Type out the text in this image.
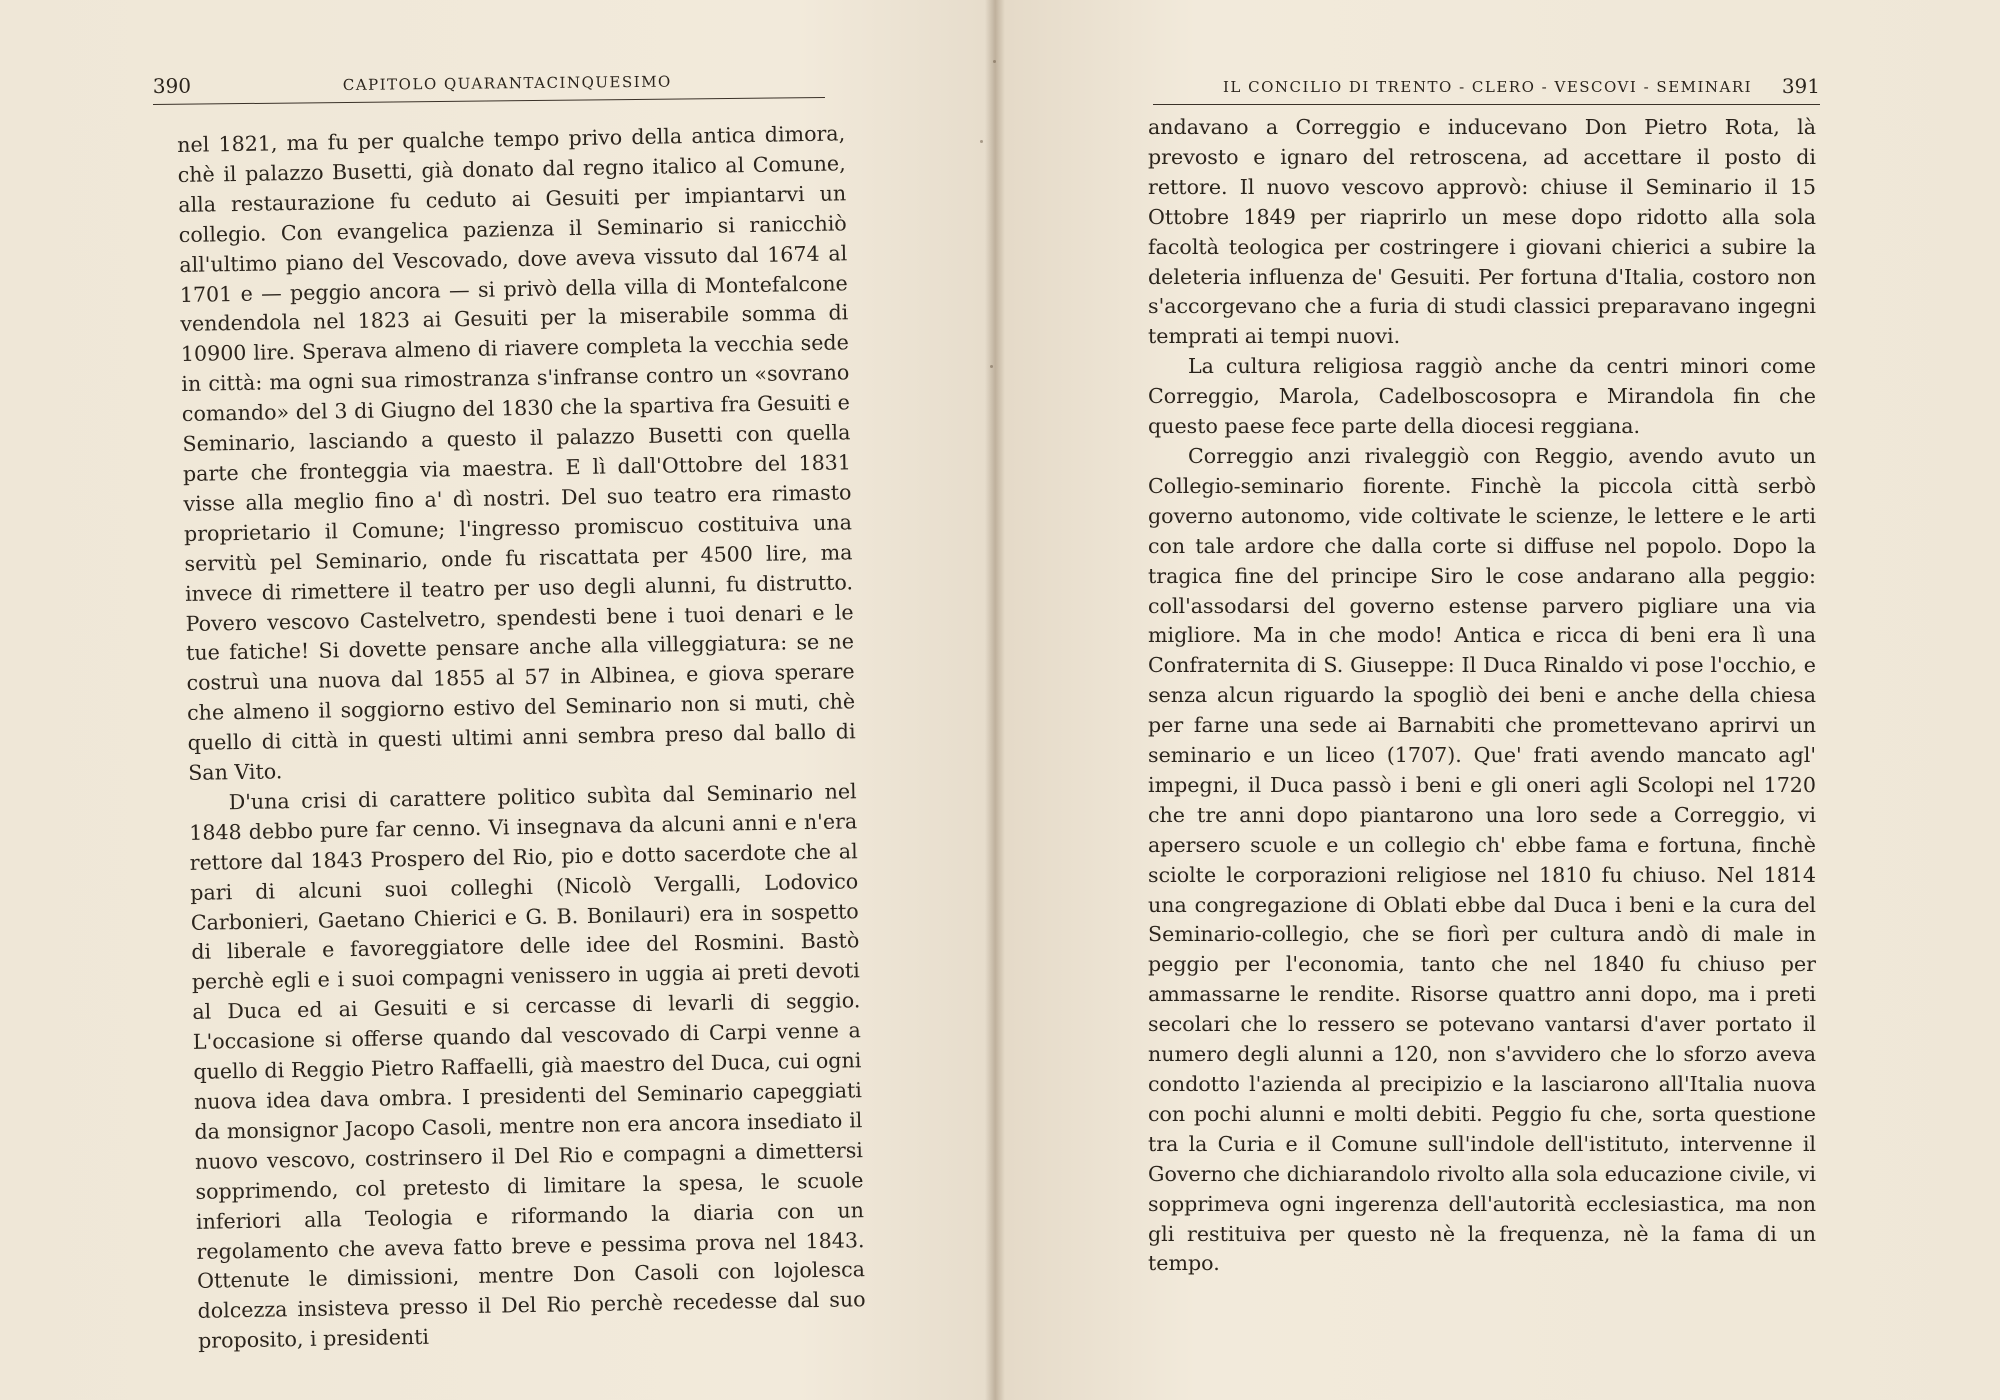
390	CAPITOLO QUARANTACINQUESIMO

nel 1821, ma fu per qualche tempo privo della antica dimora, chè il palazzo Busetti, già donato dal regno italico al Comune, alla restaurazione fu ceduto ai Gesuiti per impiantarvi un collegio. Con evangelica pazienza il Seminario si ranicchiò all'ultimo piano del Vescovado, dove aveva vissuto dal 1674 al 1701 e — peggio ancora — si privò della villa di Montefalcone vendendola nel 1823 ai Gesuiti per la miserabile somma di 10900 lire. Sperava almeno di riavere completa la vecchia sede in città: ma ogni sua rimostranza s'infranse contro un «sovrano comando» del 3 di Giugno del 1830 che la spartiva fra Gesuiti e Seminario, lasciando a questo il palazzo Busetti con quella parte che fronteggia via maestra. E lì dall'Ottobre del 1831 visse alla meglio fino a' dì nostri. Del suo teatro era rimasto proprietario il Comune; l'ingresso promiscuo costituiva una servitù pel Seminario, onde fu riscattata per 4500 lire, ma invece di rimettere il teatro per uso degli alunni, fu distrutto. Povero vescovo Castelvetro, spendesti bene i tuoi denari e le tue fatiche! Si dovette pensare anche alla villeggiatura: se ne costruì una nuova dal 1855 al 57 in Albinea, e giova sperare che almeno il soggiorno estivo del Seminario non si muti, chè quello di città in questi ultimi anni sembra preso dal ballo di San Vito.

D'una crisi di carattere politico subìta dal Seminario nel 1848 debbo pure far cenno. Vi insegnava da alcuni anni e n'era rettore dal 1843 Prospero del Rio, pio e dotto sacerdote che al pari di alcuni suoi colleghi (Nicolò Vergalli, Lodovico Carbonieri, Gaetano Chierici e G. B. Bonilauri) era in sospetto di liberale e favoreggiatore delle idee del Rosmini. Bastò perchè egli e i suoi compagni venissero in uggia ai preti devoti al Duca ed ai Gesuiti e si cercasse di levarli di seggio. L'occasione si offerse quando dal vescovado di Carpi venne a quello di Reggio Pietro Raffaelli, già maestro del Duca, cui ogni nuova idea dava ombra. I presidenti del Seminario capeggiati da monsignor Jacopo Casoli, mentre non era ancora insediato il nuovo vescovo, costrinsero il Del Rio e compagni a dimettersi sopprimendo, col pretesto di limitare la spesa, le scuole inferiori alla Teologia e riformando la diaria con un regolamento che aveva fatto breve e pessima prova nel 1843. Ottenute le dimissioni, mentre Don Casoli con lojolesca dolcezza insisteva presso il Del Rio perchè recedesse dal suo proposito, i presidenti

IL CONCILIO DI TRENTO - CLERO - VESCOVI - SEMINARI 391

andavano a Correggio e inducevano Don Pietro Rota, là prevosto e ignaro del retroscena, ad accettare il posto di rettore. Il nuovo vescovo approvò: chiuse il Seminario il 15 Ottobre 1849 per riaprirlo un mese dopo ridotto alla sola facoltà teologica per costringere i giovani chierici a subire la deleteria influenza de' Gesuiti. Per fortuna d'Italia, costoro non s'accorgevano che a furia di studi classici preparavano ingegni temprati ai tempi nuovi.

La cultura religiosa raggiò anche da centri minori come Correggio, Marola, Cadelboscosopra e Mirandola fin che questo paese fece parte della diocesi reggiana.

Correggio anzi rivaleggiò con Reggio, avendo avuto un Collegio-seminario fiorente. Finchè la piccola città serbò governo autonomo, vide coltivate le scienze, le lettere e le arti con tale ardore che dalla corte si diffuse nel popolo. Dopo la tragica fine del principe Siro le cose andarano alla peggio: coll'assodarsi del governo estense parvero pigliare una via migliore. Ma in che modo! Antica e ricca di beni era lì una Confraternita di S. Giuseppe: Il Duca Rinaldo vi pose l'occhio, e senza alcun riguardo la spogliò dei beni e anche della chiesa per farne una sede ai Barnabiti che promettevano aprirvi un seminario e un liceo (1707). Que' frati avendo mancato agl' impegni, il Duca passò i beni e gli oneri agli Scolopi nel 1720 che tre anni dopo piantarono una loro sede a Correggio, vi apersero scuole e un collegio ch' ebbe fama e fortuna, finchè sciolte le corporazioni religiose nel 1810 fu chiuso. Nel 1814 una congregazione di Oblati ebbe dal Duca i beni e la cura del Seminario-collegio, che se fiorì per cultura andò di male in peggio per l'economia, tanto che nel 1840 fu chiuso per ammassarne le rendite. Risorse quattro anni dopo, ma i preti secolari che lo ressero se potevano vantarsi d'aver portato il numero degli alunni a 120, non s'avvidero che lo sforzo aveva condotto l'azienda al precipizio e la lasciarono all'Italia nuova con pochi alunni e molti debiti. Peggio fu che, sorta questione tra la Curia e il Comune sull'indole dell'istituto, intervenne il Governo che dichiarandolo rivolto alla sola educazione civile, vi sopprimeva ogni ingerenza dell'autorità ecclesiastica, ma non gli restituiva per questo nè la frequenza, nè la fama di un tempo.
